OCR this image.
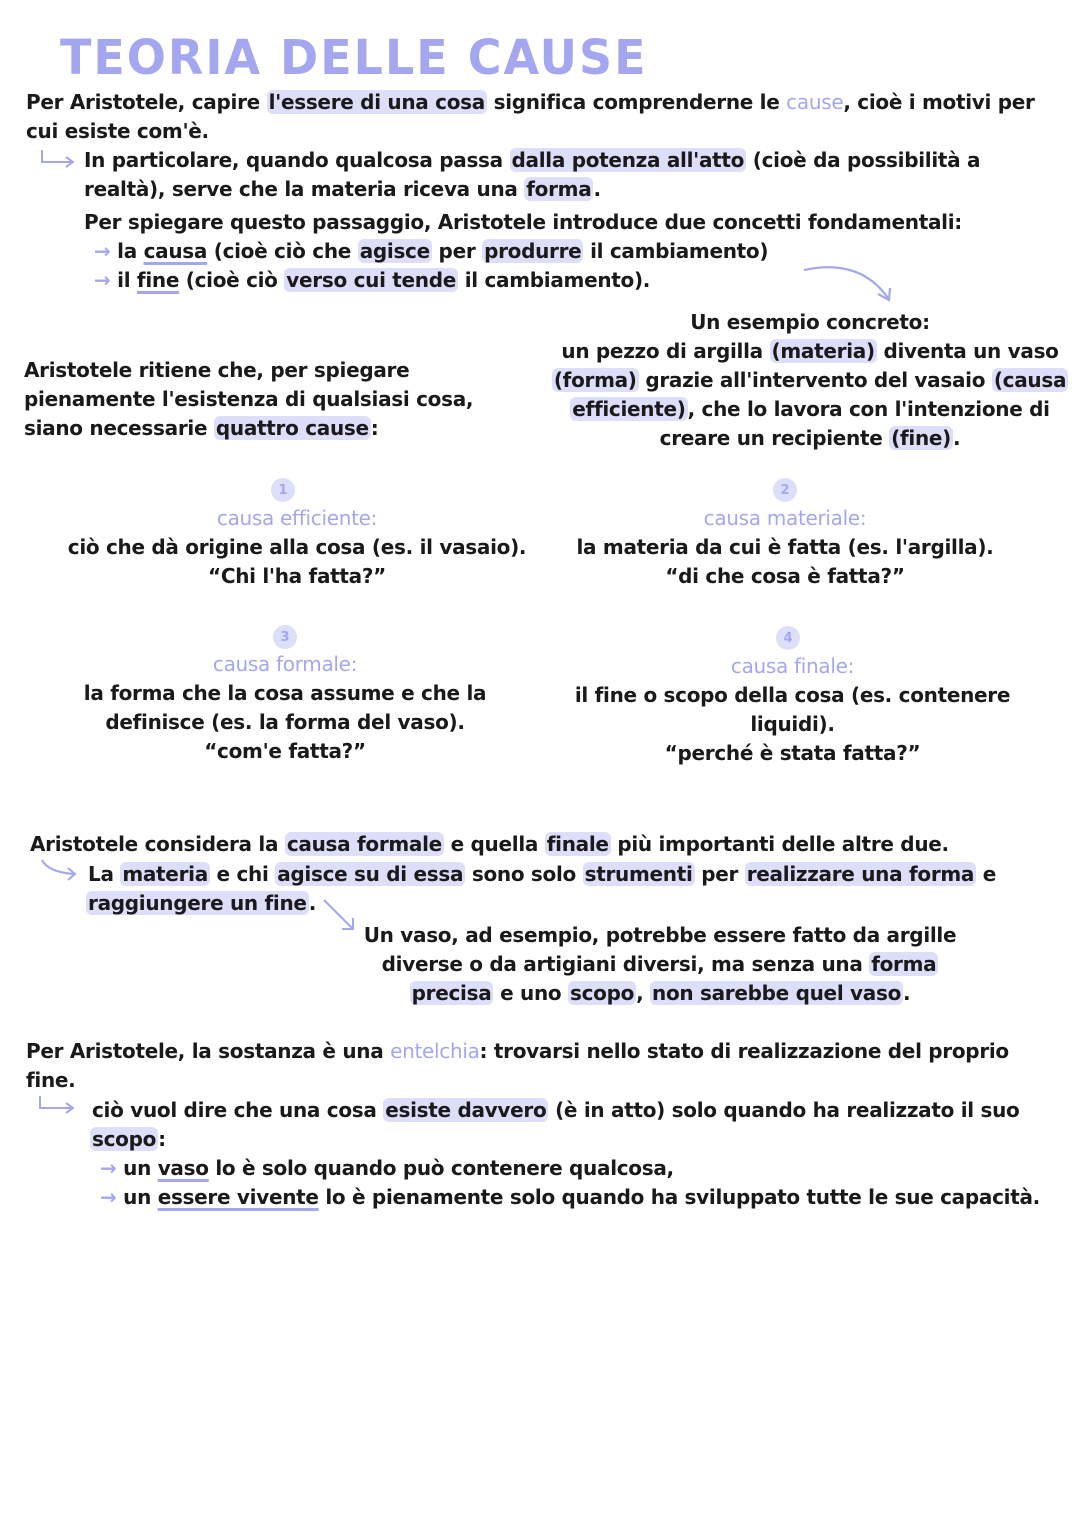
TEORIA DELLE CAUSE
Per Aristotele, capire l'essere di una cosa significa comprenderne le cause, cioè i motivi per
cui esiste com'è.
In particolare, quando qualcosa passa dalla potenza all'atto (cioè da possibilità a
realtà), serve che la materia riceva una forma .
Per spiegare questo passaggio, Aristotele introduce due concetti fondamentali:
→ la causa (cioè ciò che agisce per produrre il cambiamento)
→ il fine (cioè ciò verso cui tende il cambiamento).
Aristotele ritiene che, per spiegare
pienamente l'esistenza di qualsiasi cosa,
siano necessarie quattro cause :
Un esempio concreto:
un pezzo di argilla (materia) diventa un vaso
(forma) grazie all'intervento del vasaio (causa
efficiente) , che lo lavora con l'intenzione di
creare un recipiente (fine) .
1
causa efficiente:
ciò che dà origine alla cosa (es. il vasaio).
“Chi l'ha fatta?”
2
causa materiale:
la materia da cui è fatta (es. l'argilla).
“di che cosa è fatta?”
3
causa formale:
la forma che la cosa assume e che la
definisce (es. la forma del vaso).
“com'e fatta?”
4
causa finale:
il fine o scopo della cosa (es. contenere
liquidi).
“perché è stata fatta?”
Aristotele considera la causa formale e quella finale più importanti delle altre due.
La materia e chi agisce su di essa sono solo strumenti per realizzare una forma e
raggiungere un fine .
Un vaso, ad esempio, potrebbe essere fatto da argille
diverse o da artigiani diversi, ma senza una forma
precisa e uno scopo , non sarebbe quel vaso .
Per Aristotele, la sostanza è una entelchia: trovarsi nello stato di realizzazione del proprio
fine.
ciò vuol dire che una cosa esiste davvero (è in atto) solo quando ha realizzato il suo
scopo :
→ un vaso lo è solo quando può contenere qualcosa,
→ un essere vivente lo è pienamente solo quando ha sviluppato tutte le sue capacità.
